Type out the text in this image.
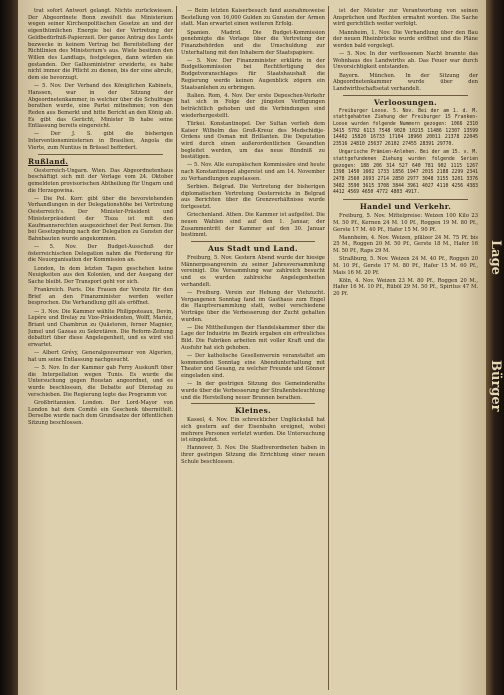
trat sofort Antwort gelangt. Nichts zurückwiesen. Der Abgeordnete Bonn zweifelt das Ministerium wegen seiner Kirchenpolitischen Gesetze an und der eigenthümlichen Energie bei der Vertretung der Geldbedürfniß-Papierzeit. Der ganze Antrag des Lords bezwecke in keinem Vertrag bei Bereitstellung der Richtlinien des Ministerium's aus. Wiele besitzen den Willen des Landtags, festgelegen, dann würden sie gestanden. Der Gallusministrer erwiderte, es habe nicht immer die Pflicht zu dienen, bis der eine abrufe, dem sie bevorzugt.

— 5. Nov. Der Verband des Königlichen Kabinets, Hanssen, war in der Sitzung der Abgeordnetenkammer, in welcher über die Schulfrage berathen wurde, eine Partei mitnehmen; von den Reden aus Bemerkt und hitte Bericht an den König ab. Es gibt das Gerücht, Minister Ib habe seine Entlassung bereits eingereicht.

— Der J. S. gibt die bisherigen Interventionsministerien in Brasilien, Angola die Vierte, zum Nuntius in Brüssel befördert.

Rußland.

Oesterreich-Ungarn. Wien. Das Abgeordnetenhaus beschäftigt sich mit der Vorlage vom 24. Oktober gemeldeten provisorischen Abtheilung für Ungarn und die Herzegowina.

— Die Pol. Korr. gibt über die bevorstehenden Verhandlungen in der Delegationshöhe bei Vertretung Oesterreich's. Der Minister-Präsident und Ministerpräsident der Tisza ist mit den Kaufmannsrechten ausgezeichnet der Pest fernen. Die bei Gesetzgebung nach der Delegation zu Gunsten der Bahnbauten wurde angekommen.

— 5. Nov. Der Budget-Ausschuß der österreichischen Delegation nahm die Förderung für die Neuorganisation der Kommission an.

London, In dem letzten Tagen geschehen keine Neuigkeiten aus den Kolonien, und der Ausgang der Sache bleibt. Der Transport geht vor sich.

Frankreich. Paris. Die Frauen der Vorsitz für den Brief an den Finanzminister werden weiter besprochen. Die Verhandlung gilt als eröffnet.

— 3. Nov. Die Kammer wählte Philippoteaux, Devin, Lepère und Brelay zu Vize-Präsidenten, Wolff, Mariéz, Briant und Chambrun zu Quästoren, ferner Magnier, Jumel und Gazeau zu Sekretären. Die Reform-Zeitung debattirt über diese Angelegenheit, und es wird viel erwartet.

— Albert Grévy, Generalgouverneur von Algerien, hat um seine Entlassung nachgesucht.

— 5. Nov. In der Kammer gab Ferry Auskunft über die Interpellation wegen Tunis. Es wurde die Untersuchung gegen Roustan angeordnet, und es wurde beschlossen, die Debatte auf Dienstag zu verschieben. Die Regierung legte das Programm vor.

Großbritannien. London. Der Lord-Mayor von London hat dem Comité ein Geschenk übermittelt. Derselbe wurde nach dem Grundsatze der öffentlichen Sitzung beschlossen.

— Beim letzten Kaiserbesuch fand ausnahmsweise Bestellung von 16,000 Gulden zu Gunsten der Armen statt. Man erwartet einen weiteren Erfolg.

Spanien. Madrid. Die Budget-Kommission genehmigte die Vorlage über die Vertretung der Finanzbehörden und die Umschuldung zur Unterhaltung mit den Inhabern der Staatspapiere.

— 5. Nov. Der Finanzminister erklärte in der Budgetkommission bei Rechtfertigung des Budgetvoranschlages für Staatshaushalt die Regierung werde keinen Augenblick zögern ein Staatsanlehen zu erbringen.

Italien. Rom, 4. Nov. Der erste Depeschen-Verkehr hat sich in Folge der jüngsten Verfügungen beträchtlich gehoben und die Verbindungen sind wiederhergestellt.

Türkei. Konstantinopel. Der Sultan verlieh dem Kaiser Wilhelm das Groß-Kreuz des Medschidije-Ordens und Osman mit Brillanten. Die Deputation wird durch einen außerordentlichen Gesandten begleitet werden, um das neue Bündniß zu bestätigen.

— 5. Nov. Alle europäischen Kommissäre sind heute nach Konstantinopel abgereist und am 14. November zu Verhandlungen zugelassen.

Serbien. Belgrad. Die Vertretung der bisherigen diplomatischen Vertretung Oesterreichs in Belgrad aus Berichten über die Grenzverhältnisse wurde fortgesetzt.

Griechenland. Athen. Die Kammer ist aufgelöst. Die neuen Wahlen sind auf den 1. Januar, der Zusammentritt der Kammer auf den 30. Januar bestimmt.

Aus Stadt und Land.

Freiburg, 5. Nov. Gestern Abend wurde der hiesige Männergesangverein zu seiner Jahresversammlung vereinigt. Die Versammlung war zahlreich besucht und es wurden zahlreiche Angelegenheiten verhandelt.

— Freiburg. Verein zur Hebung der Viehzucht. Vergangenen Sonntag fand im Gasthaus zum Engel die Hauptversammlung statt, wobei verschiedene Vorträge über die Verbesserung der Zucht gehalten wurden.

— Die Mittheilungen der Handelskammer über die Lage der Industrie im Bezirk ergaben ein erfreuliches Bild. Die Fabriken arbeiten mit voller Kraft und die Ausfuhr hat sich gehoben.

— Der katholische Gesellenverein veranstaltet am kommenden Sonntag eine Abendunterhaltung mit Theater und Gesang, zu welcher Freunde und Gönner eingeladen sind.

— In der gestrigen Sitzung des Gemeinderaths wurde über die Verbesserung der Straßenbeleuchtung und die Herstellung neuer Brunnen berathen.

Kleines.

Kassel, 4. Nov. Ein schrecklicher Unglücksfall hat sich gestern auf der Eisenbahn ereignet, wobei mehrere Personen verletzt wurden. Die Untersuchung ist eingeleitet.

Hannover, 5. Nov. Die Stadtverordneten haben in ihrer gestrigen Sitzung die Errichtung einer neuen Schule beschlossen.

ist der Meister zur Verantwortung von seinen Ansprüchen und Rechten ermahnt worden. Die Sache wird gerichtlich weiter verfolgt.

Mannheim, 1. Nov. Die Verhandlung über den Bau der neuen Rheinbrücke wurde eröffnet und die Pläne werden bald vorgelegt.

— 5. Nov. In der verflossenen Nacht brannte das Wohnhaus des Landwirths ab. Das Feuer war durch Unvorsichtigkeit entstanden.

Bayern. München. In der Sitzung der Abgeordnetenkammer wurde über den Landwirthschaftsetat verhandelt.

Verloosungen.

Freiburger Loose. 5. Nov. Bei der am 1. d. M. stattgehabten Ziehung der Freiburger 15 Franken-Loose wurden folgende Nummern gezogen: 1066 2310 3415 5702 6113 7548 9020 10215 11486 12307 13599 14402 15820 16733 17104 18960 20011 21378 22045 23516 24810 25637 26102 27455 28391 29770.

Ungarische Prämien-Anlehen. Bei der am 15. v. M. stattgefundenen Ziehung wurden folgende Serien gezogen: 188 206 314 527 640 781 902 1115 1267 1398 1450 1602 1733 1856 1947 2015 2188 2299 2341 2478 2560 2693 2714 2850 2977 3048 3155 3201 3376 3482 3590 3615 3708 3844 3961 4027 4110 4256 4383 4412 4569 4650 4772 4803 4917.

Handel und Verkehr.

Freiburg, 5. Nov. Mittelpreise: Weizen 100 Kilo 23 M. 50 Pf., Kernen 24 M. 10 Pf., Roggen 19 M. 80 Pf., Gerste 17 M. 40 Pf., Hafer 15 M. 90 Pf.

Mannheim, 4. Nov. Weizen, pfälzer 24 M. 75 Pf. bis 25 M., Roggen 20 M. 50 Pf., Gerste 18 M., Hafer 16 M. 50 Pf., Raps 29 M.

Straßburg, 5. Nov. Weizen 24 M. 40 Pf., Roggen 20 M. 10 Pf., Gerste 17 M. 80 Pf., Hafer 15 M. 60 Pf., Mais 16 M. 20 Pf.

Köln, 4. Nov. Weizen 23 M. 80 Pf., Roggen 20 M., Hafer 16 M. 10 Pf., Rüböl 29 M. 50 Pf., Spiritus 47 M. 20 Pf.

Lage
Bürger
